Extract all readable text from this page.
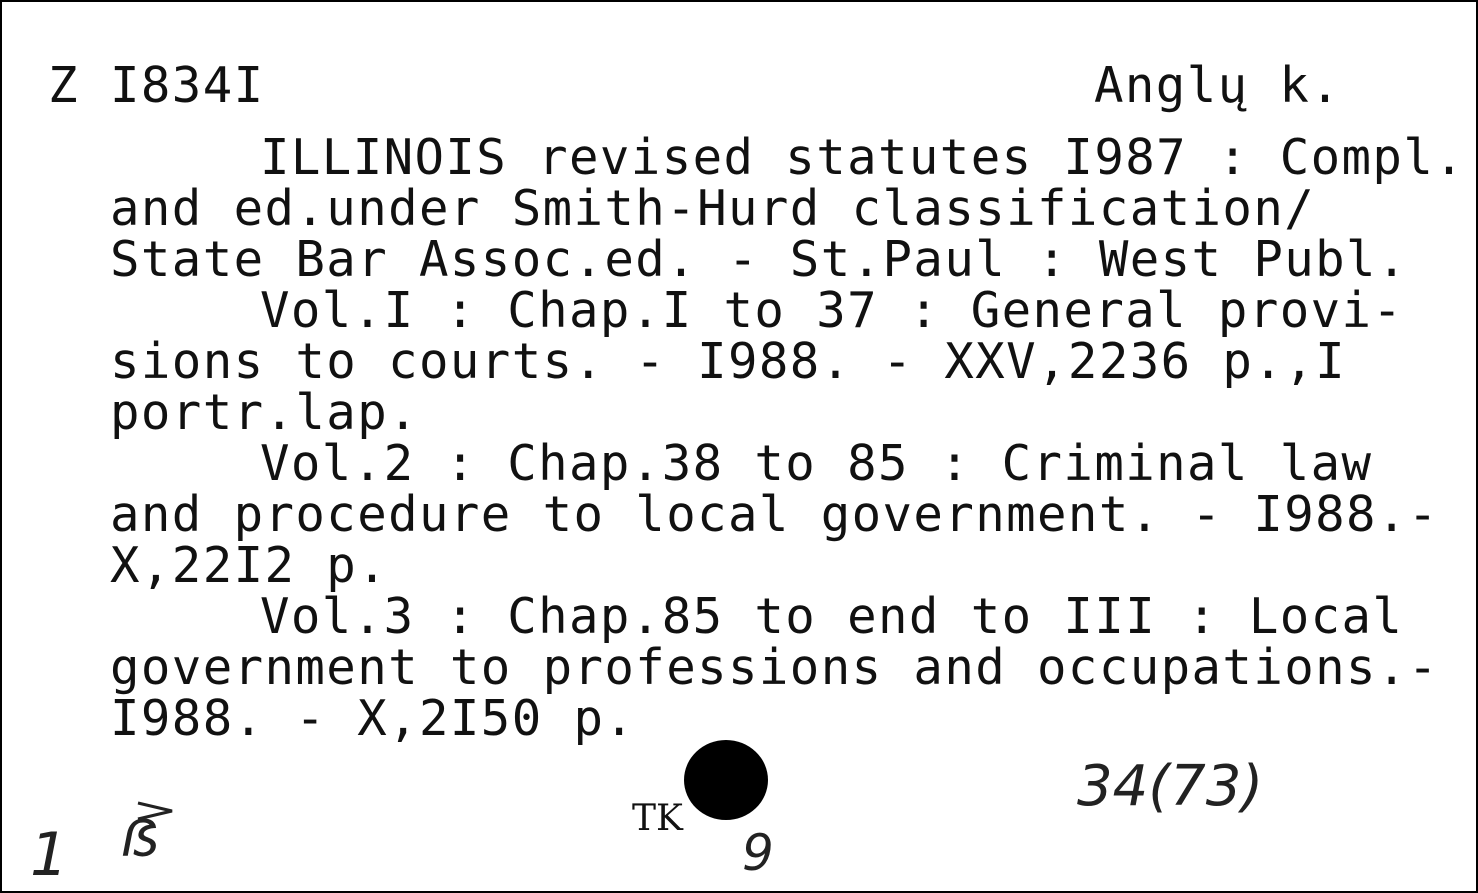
Z I834I	Anglų k.
ILLINOIS revised statutes I987 : Compl.
and ed.under Smith-Hurd classification/
State Bar Assoc.ed. - St.Paul : West Publ.
Vol.I : Chap.I to 37 : General provi-
sions to courts. - I988. - XXV,2236 p.,I
portr.lap.
Vol.2 : Chap.38 to 85 : Criminal law
and procedure to local government. - I988.-
X,22I2 p.
Vol.3 : Chap.85 to end to III : Local
government to professions and occupations.-
I988. - X,2I50 p.
TK
9
1 ẞ
34(73)
